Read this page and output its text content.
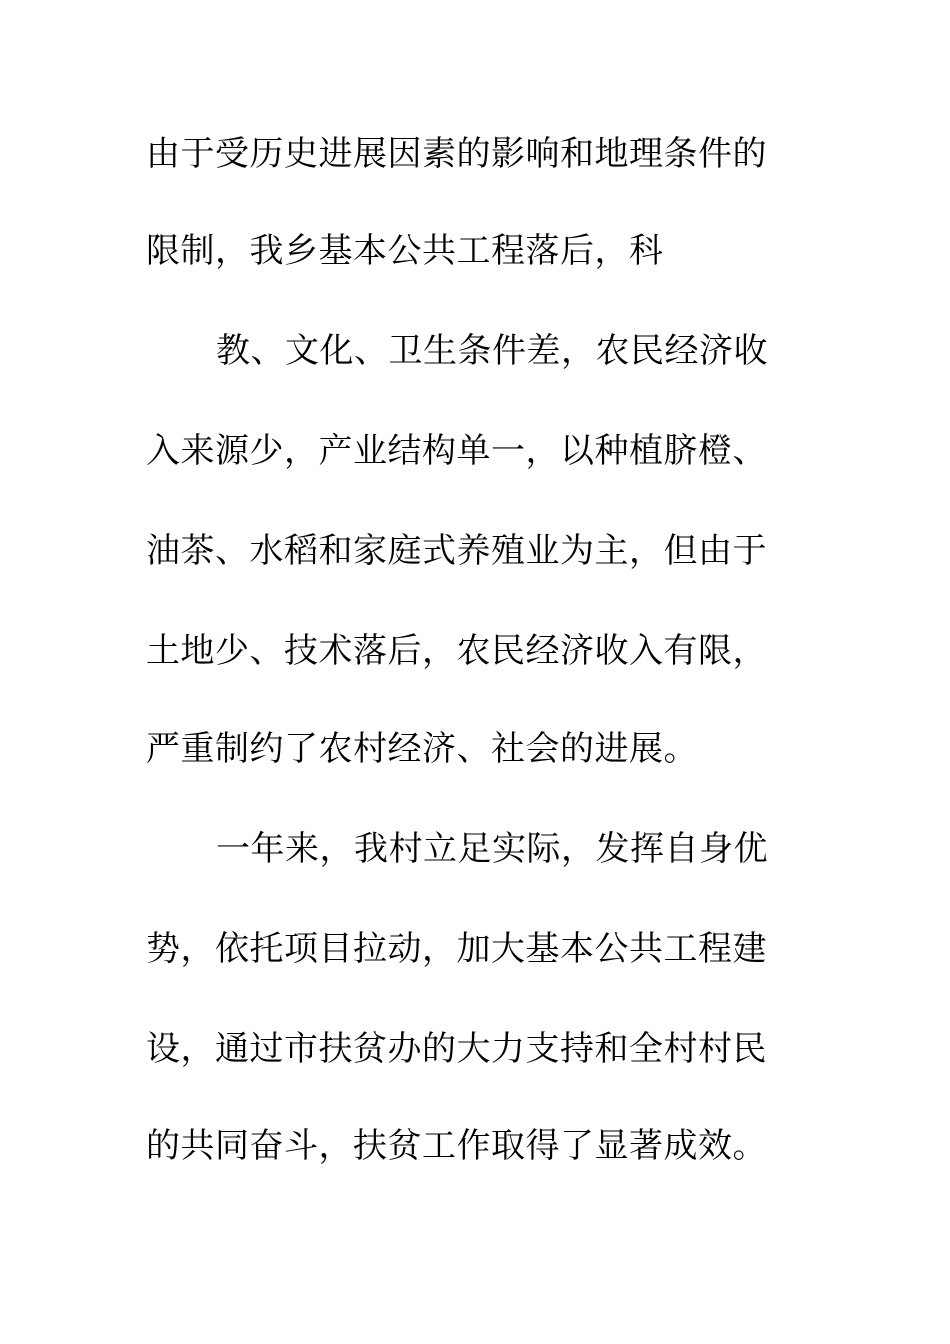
由于受历史进展因素的影响和地理条件的
限制，我乡基本公共工程落后，科
教、文化、卫生条件差，农民经济收
入来源少，产业结构单一，以种植脐橙、
油茶、水稻和家庭式养殖业为主，但由于
土地少、技术落后，农民经济收入有限，
严重制约了农村经济、社会的进展。
一年来，我村立足实际，发挥自身优
势，依托项目拉动，加大基本公共工程建
设，通过市扶贫办的大力支持和全村村民
的共同奋斗，扶贫工作取得了显著成效。
